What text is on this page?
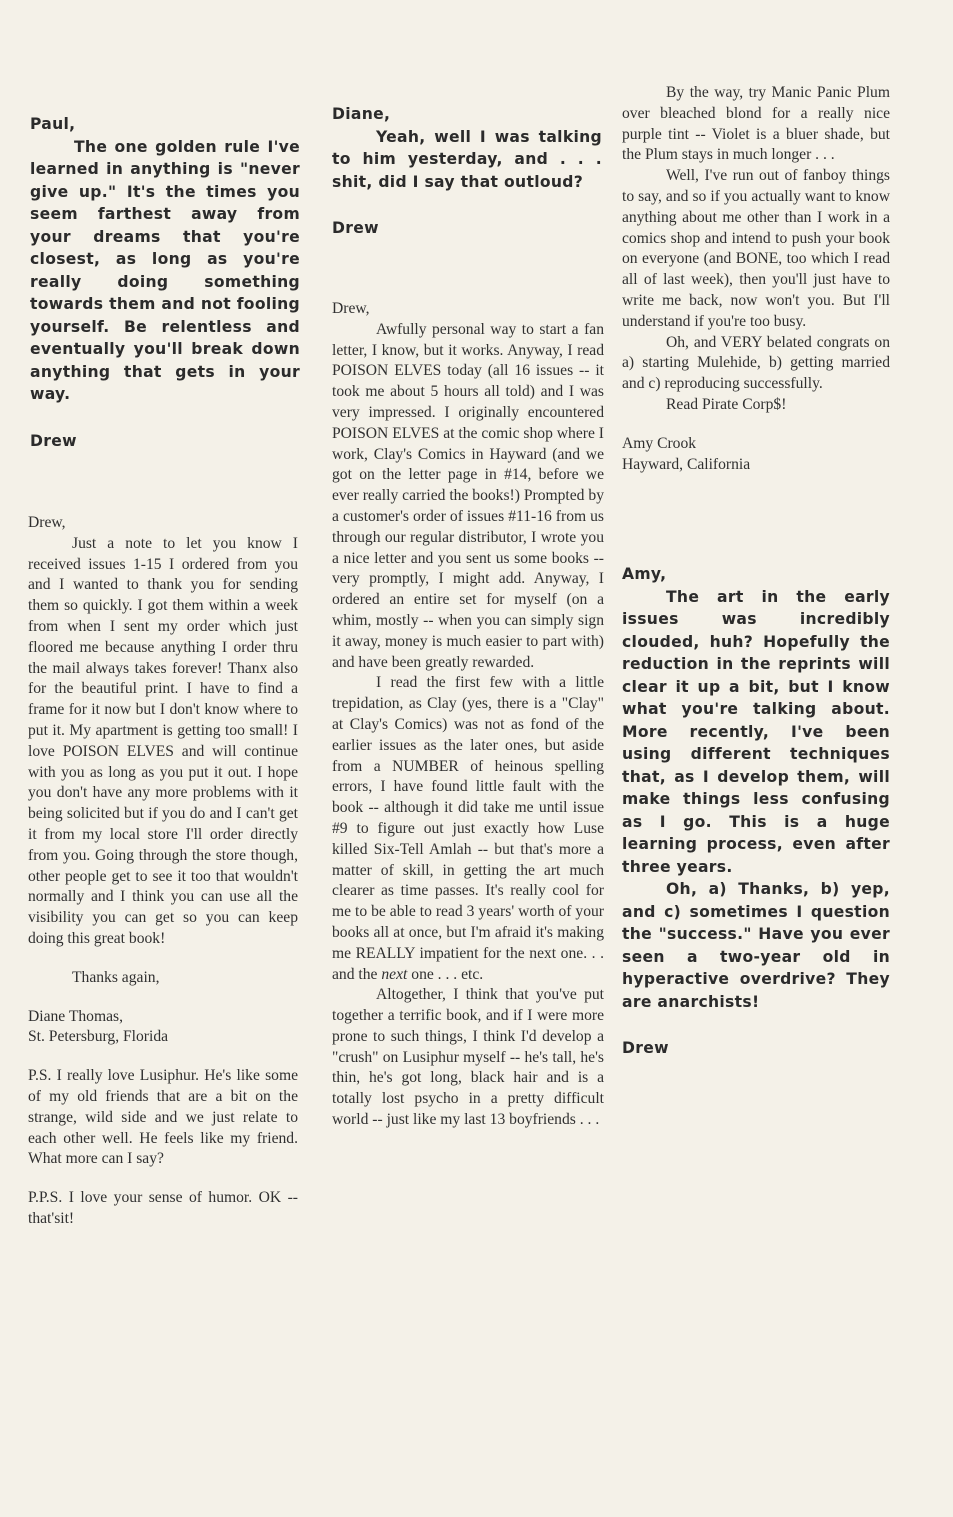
Paul,

The one golden rule I've learned in anything is "never give up." It's the times you seem farthest away from your dreams that you're closest, as long as you're really doing something towards them and not fooling yourself. Be relentless and eventually you'll break down anything that gets in your way.

Drew

Drew,

Just a note to let you know I received issues 1-15 I ordered from you and I wanted to thank you for sending them so quickly. I got them within a week from when I sent my order which just floored me because anything I order thru the mail always takes forever! Thanx also for the beautiful print. I have to find a frame for it now but I don't know where to put it. My apartment is getting too small! I love POISON ELVES and will continue with you as long as you put it out. I hope you don't have any more problems with it being solicited but if you do and I can't get it from my local store I'll order directly from you. Going through the store though, other people get to see it too that wouldn't normally and I think you can use all the visibility you can get so you can keep doing this great book!

Thanks again,

Diane Thomas,

St. Petersburg, Florida

P.S. I really love Lusiphur. He's like some of my old friends that are a bit on the strange, wild side and we just relate to each other well. He feels like my friend. What more can I say?

P.P.S. I love your sense of humor. OK -- that'sit!

Diane,

Yeah, well I was talking to him yesterday, and . . . shit, did I say that outloud?

Drew

Drew,

Awfully personal way to start a fan letter, I know, but it works. Anyway, I read POISON ELVES today (all 16 issues -- it took me about 5 hours all told) and I was very impressed. I originally encountered POISON ELVES at the comic shop where I work, Clay's Comics in Hayward (and we got on the letter page in #14, before we ever really carried the books!) Prompted by a customer's order of issues #11-16 from us through our regular distributor, I wrote you a nice letter and you sent us some books -- very promptly, I might add. Anyway, I ordered an entire set for myself (on a whim, mostly -- when you can simply sign it away, money is much easier to part with) and have been greatly rewarded.

I read the first few with a little trepidation, as Clay (yes, there is a "Clay" at Clay's Comics) was not as fond of the earlier issues as the later ones, but aside from a NUMBER of heinous spelling errors, I have found little fault with the book -- although it did take me until issue #9 to figure out just exactly how Luse killed Six-Tell Amlah -- but that's more a matter of skill, in getting the art much clearer as time passes. It's really cool for me to be able to read 3 years' worth of your books all at once, but I'm afraid it's making me REALLY impatient for the next one. . . and the next one . . . etc.

Altogether, I think that you've put together a terrific book, and if I were more prone to such things, I think I'd develop a "crush" on Lusiphur myself -- he's tall, he's thin, he's got long, black hair and is a totally lost psycho in a pretty difficult world -- just like my last 13 boyfriends . . .

By the way, try Manic Panic Plum over bleached blond for a really nice purple tint -- Violet is a bluer shade, but the Plum stays in much longer . . .

Well, I've run out of fanboy things to say, and so if you actually want to know anything about me other than I work in a comics shop and intend to push your book on everyone (and BONE, too which I read all of last week), then you'll just have to write me back, now won't you. But I'll understand if you're too busy.

Oh, and VERY belated congrats on a) starting Mulehide, b) getting married and c) reproducing successfully.

Read Pirate Corp$!

Amy Crook

Hayward, California

Amy,

The art in the early issues was incredibly clouded, huh? Hopefully the reduction in the reprints will clear it up a bit, but I know what you're talking about. More recently, I've been using different techniques that, as I develop them, will make things less confusing as I go. This is a huge learning process, even after three years.

Oh, a) Thanks, b) yep, and c) sometimes I question the "success." Have you ever seen a two-year old in hyperactive overdrive? They are anarchists!

Drew
